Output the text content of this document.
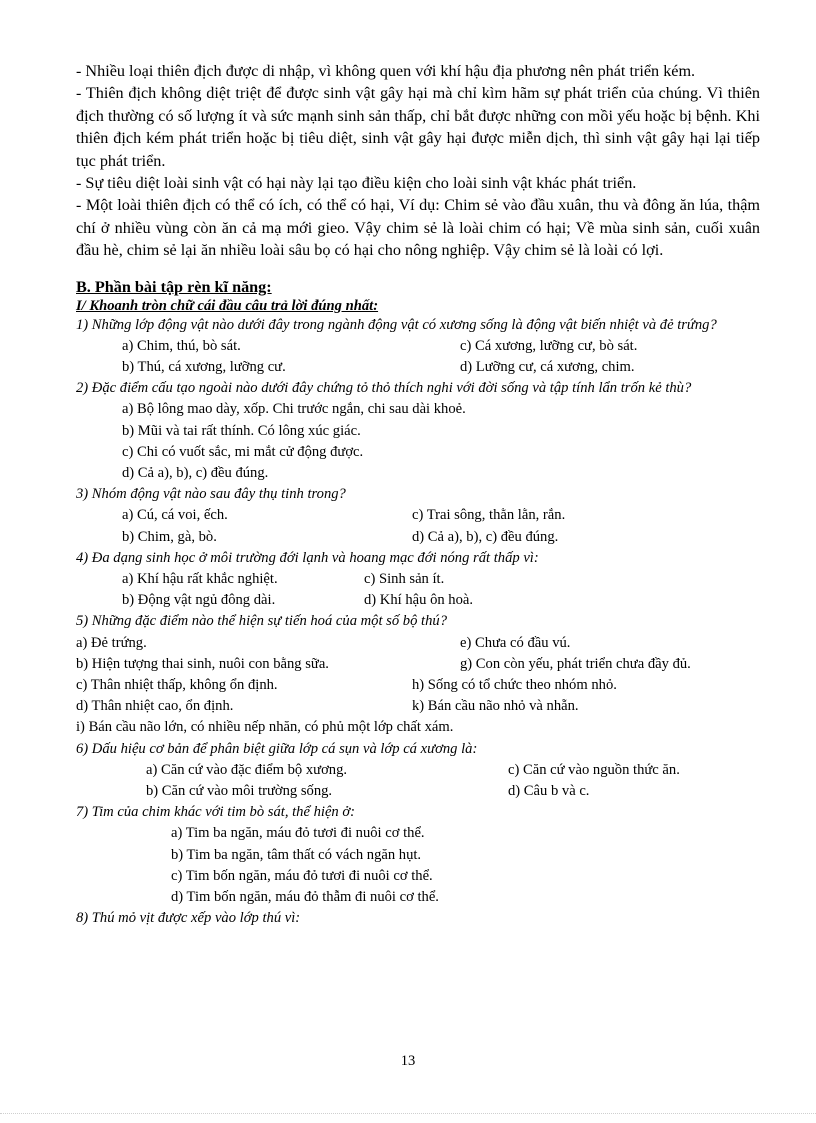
- Nhiều loại thiên địch được di nhập, vì không quen với khí hậu địa phương nên phát triển kém.

- Thiên địch không diệt triệt để được sinh vật gây hại mà chỉ kìm hãm sự phát triển của chúng. Vì thiên địch thường có số lượng ít và sức mạnh sinh sản thấp, chỉ bắt được những con mồi yếu hoặc bị bệnh. Khi thiên địch kém phát triển hoặc bị tiêu diệt, sinh vật gây hại được miễn dịch, thì sinh vật gây hại lại tiếp tục phát triển.

- Sự tiêu diệt loài sinh vật có hại này lại tạo điều kiện cho loài sinh vật khác phát triển.

- Một loài thiên địch có thể có ích, có thể có hại, Ví dụ: Chim sẻ vào đầu xuân, thu và đông ăn lúa, thậm chí ở nhiều vùng còn ăn cả mạ mới gieo. Vậy chim sẻ là loài chim có hại; Về mùa sinh sản, cuối xuân đầu hè, chim sẻ lại ăn nhiều loài sâu bọ có hại cho nông nghiệp. Vậy chim sẻ là loài có lợi.

B. Phần bài tập rèn kĩ năng:
I/ Khoanh tròn chữ cái đầu câu trả lời đúng nhất:

1) Những lớp động vật nào dưới đây trong ngành động vật có xương sống là động vật biến nhiệt và đẻ trứng?

a) Chim, thú, bò sát.	c) Cá xương, lưỡng cư, bò sát.
b) Thú, cá xương, lưỡng cư.	d) Lưỡng cư, cá xương, chim.

2) Đặc điểm cấu tạo ngoài nào dưới đây chứng tỏ thỏ thích nghi với đời sống và tập tính lẩn trốn kẻ thù?

a) Bộ lông mao dày, xốp. Chi trước ngắn, chi sau dài khoẻ.
b) Mũi và tai rất thính. Có lông xúc giác.
c) Chi có vuốt sắc, mi mắt cử động được.
d) Cả a), b), c) đều đúng.

3) Nhóm động vật nào sau đây thụ tinh trong?

a) Cú, cá voi, ếch.	c) Trai sông, thằn lằn, rắn.
b) Chim, gà, bò.	d) Cả a), b), c) đều đúng.

4) Đa dạng sinh học ở môi trường đới lạnh và hoang mạc đới nóng rất thấp vì:

a) Khí hậu rất khắc nghiệt.	c) Sinh sản ít.
b) Động vật ngủ đông dài.	d) Khí hậu ôn hoà.

5) Những đặc điểm nào thể hiện sự tiến hoá của một số bộ thú?

a) Đẻ trứng.	e) Chưa có đầu vú.
b) Hiện tượng thai sinh, nuôi con bằng sữa.	g) Con còn yếu, phát triển chưa đầy đủ.
c) Thân nhiệt thấp, không ổn định.	h) Sống có tổ chức theo nhóm nhỏ.
d) Thân nhiệt cao, ổn định.	k) Bán cầu não nhỏ và nhẵn.
i) Bán cầu não lớn, có nhiều nếp nhăn, có phủ một lớp chất xám.

6) Dấu hiệu cơ bản để phân biệt giữa lớp cá sụn và lớp cá xương là:

a) Căn cứ vào đặc điểm bộ xương.	c) Căn cứ vào nguồn thức ăn.
b) Căn cứ vào môi trường sống.	d) Câu b và c.

7) Tim của chim khác với tim bò sát, thể hiện ở:

a) Tim ba ngăn, máu đỏ tươi đi nuôi cơ thể.
b) Tim ba ngăn, tâm thất có vách ngăn hụt.
c) Tim bốn ngăn, máu đỏ tươi đi nuôi cơ thể.
d) Tim bốn ngăn, máu đỏ thẫm đi nuôi cơ thể.

8) Thú mỏ vịt được xếp vào lớp thú vì:

13
